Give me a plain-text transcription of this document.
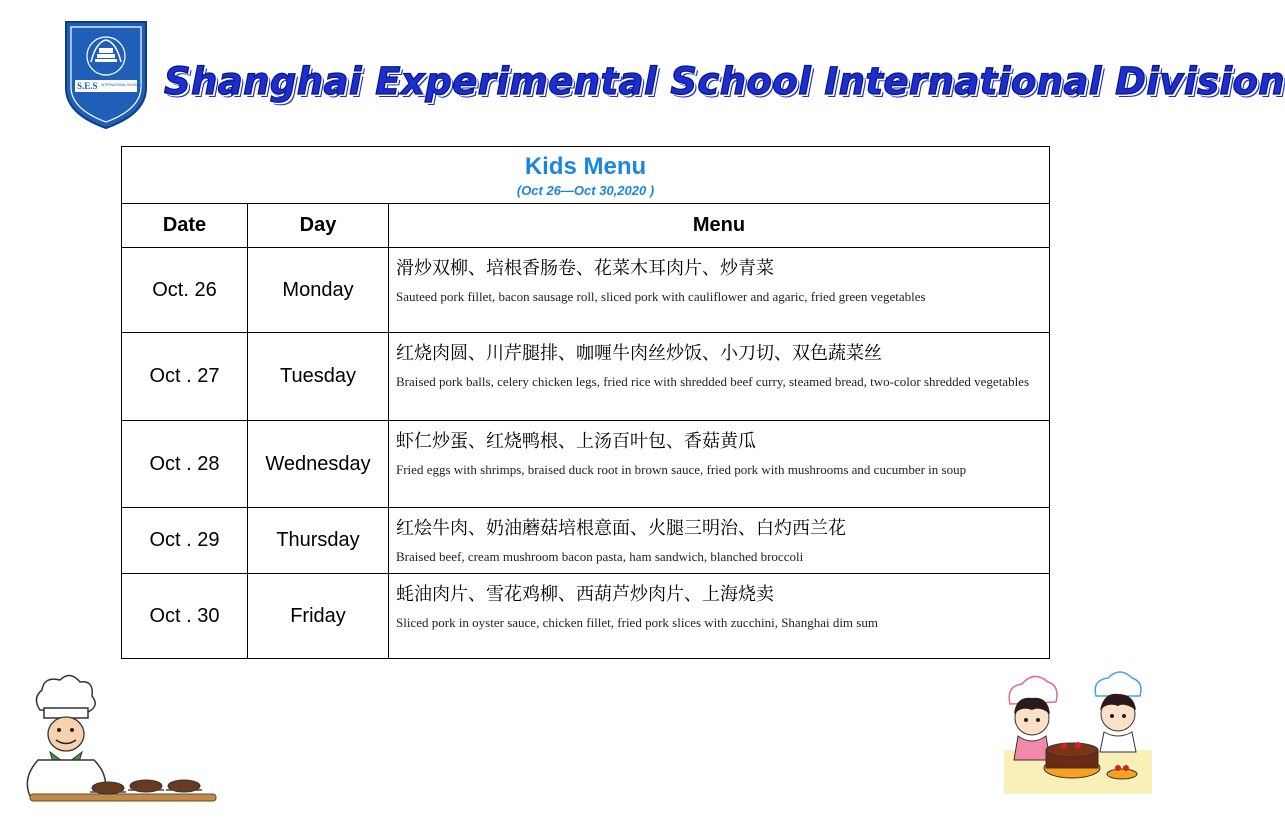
S.E.S INTERNATIONAL DIVISION Shanghai Experimental School International Division
Kids Menu
(Oct 26—Oct 30,2020 )		

Date	Day	Menu
Oct. 26	Monday	滑炒双柳、培根香肠卷、花菜木耳肉片、炒青菜
Sauteed pork fillet, bacon sausage roll, sliced pork with cauliflower and agaric, fried green vegetables

Oct . 27	Tuesday	红烧肉圆、川芹腿排、咖喱牛肉丝炒饭、小刀切、双色蔬菜丝
Braised pork balls, celery chicken legs, fried rice with shredded beef curry, steamed bread, two-color shredded vegetables

Oct . 28	Wednesday	虾仁炒蛋、红烧鸭根、上汤百叶包、香菇黄瓜
Fried eggs with shrimps, braised duck root in brown sauce, fried pork with mushrooms and cucumber in soup

Oct . 29	Thursday	红烩牛肉、奶油蘑菇培根意面、火腿三明治、白灼西兰花
Braised beef, cream mushroom bacon pasta, ham sandwich, blanched broccoli

Oct . 30	Friday	蚝油肉片、雪花鸡柳、西葫芦炒肉片、上海烧卖
Sliced pork in oyster sauce, chicken fillet, fried pork slices with zucchini, Shanghai dim sum
